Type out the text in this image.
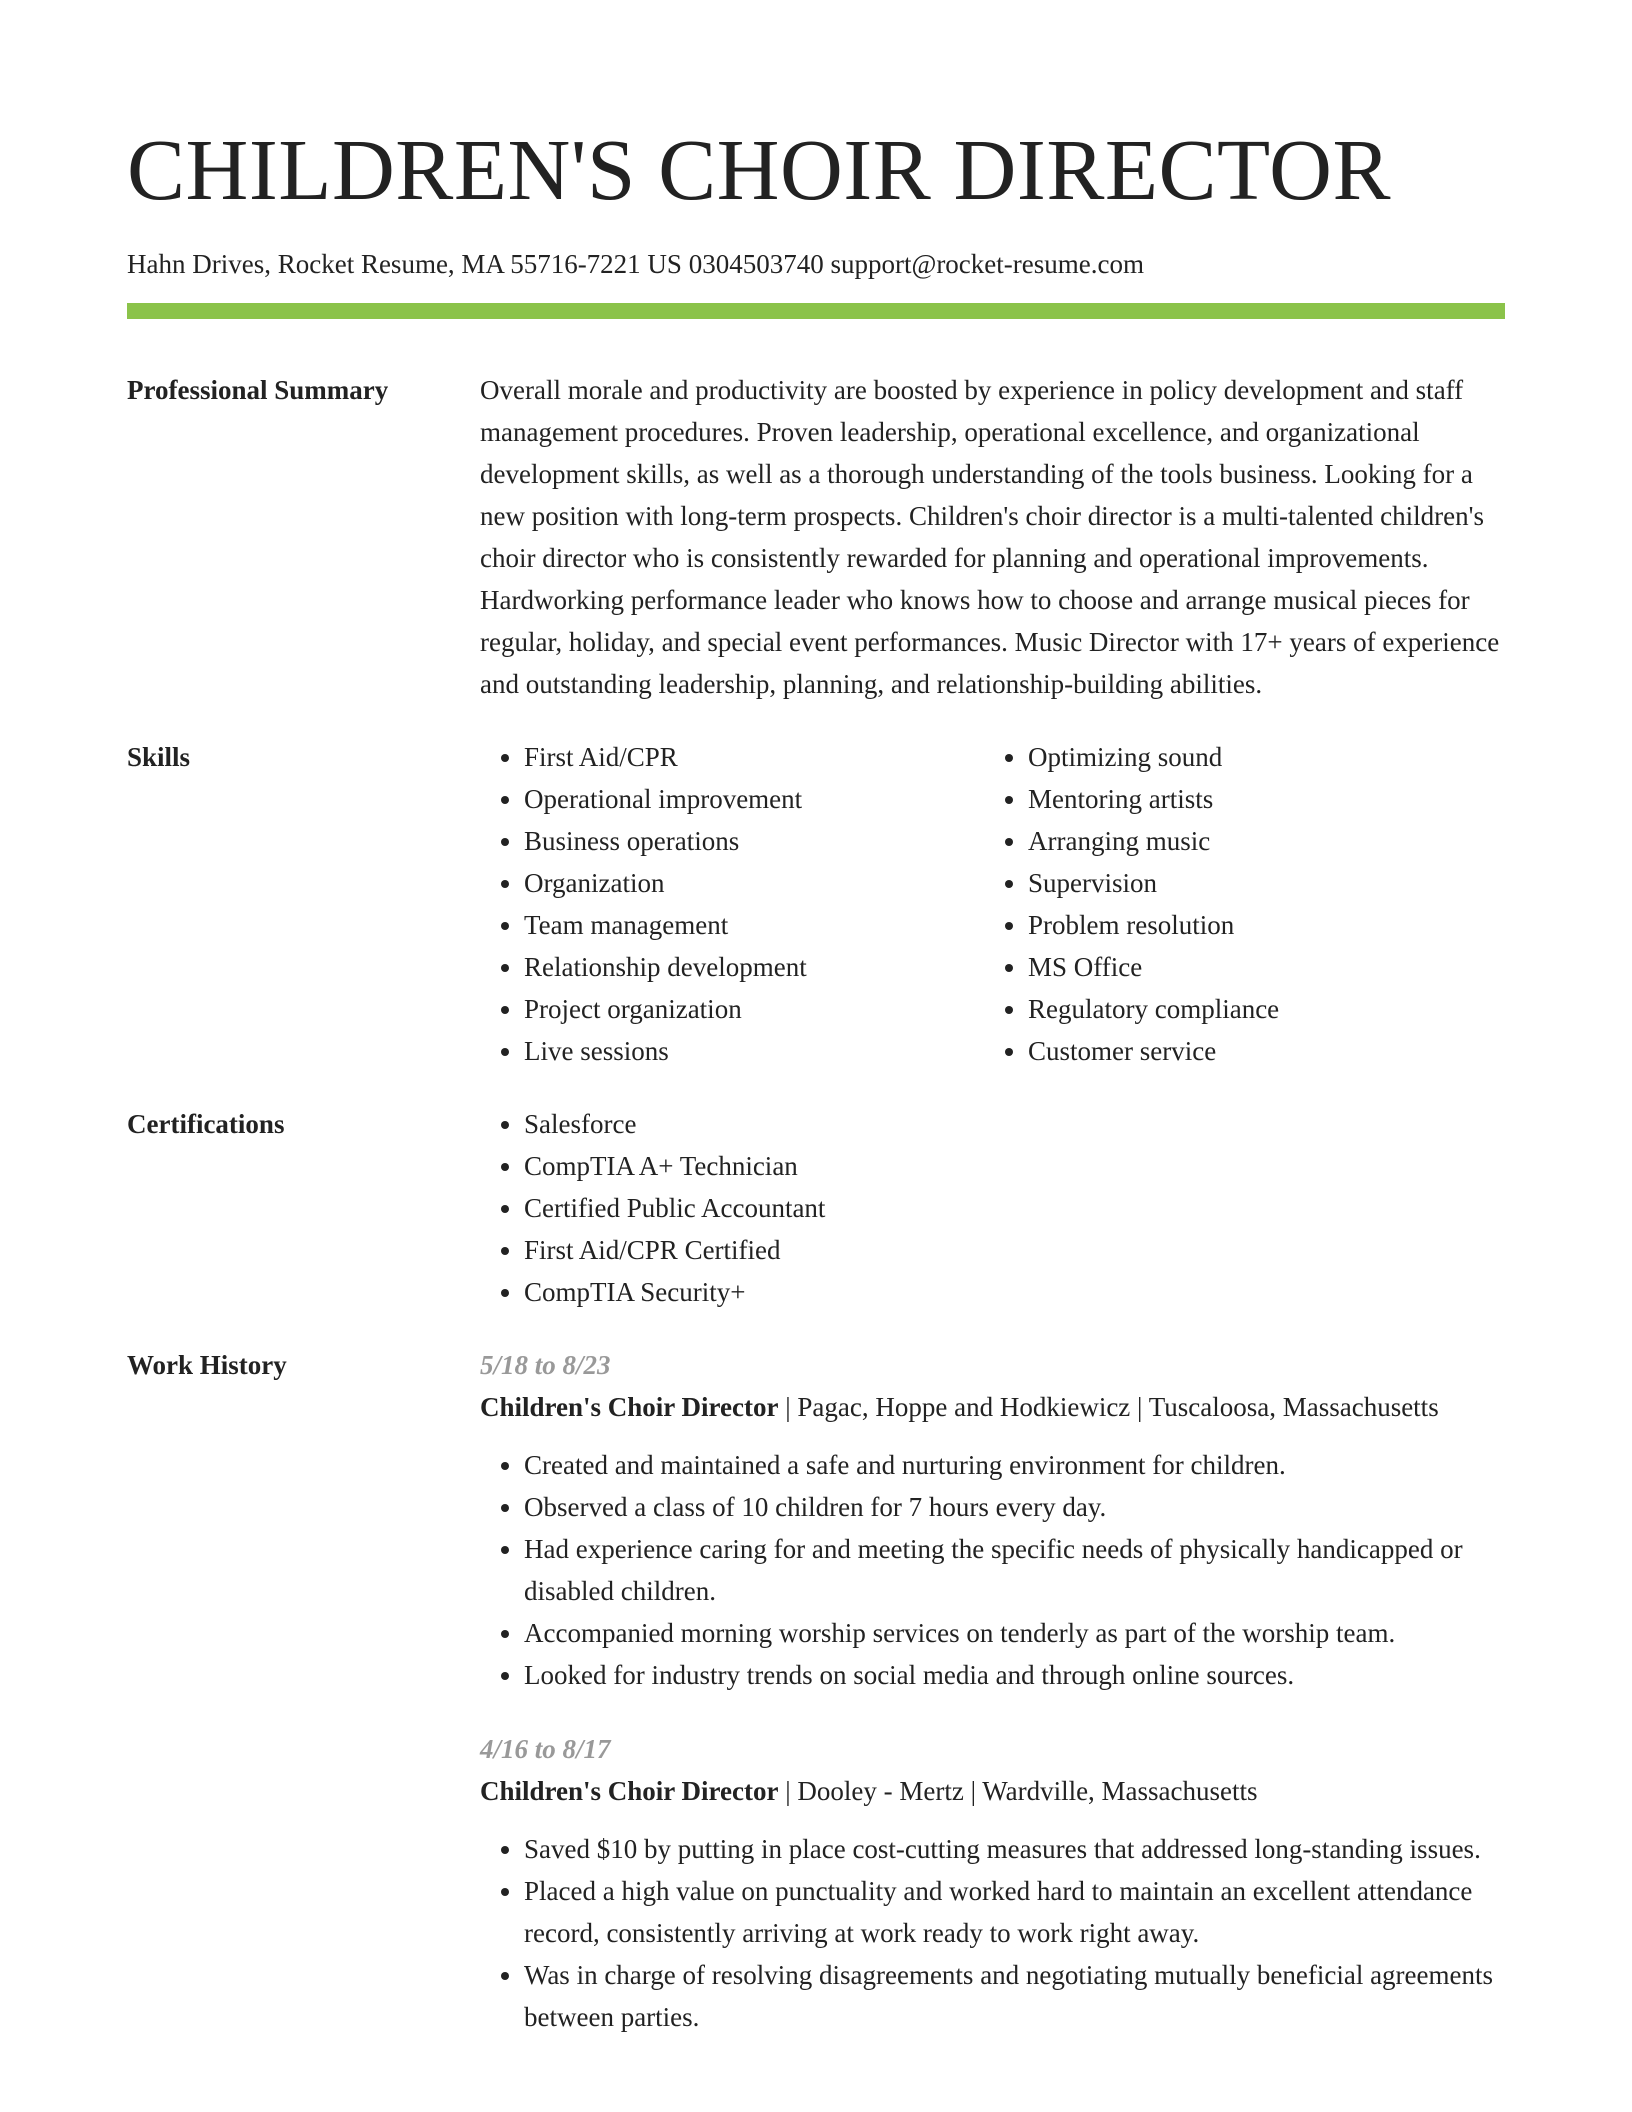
CHILDREN'S CHOIR DIRECTOR
Hahn Drives, Rocket Resume, MA 55716-7221 US 0304503740 support@rocket-resume.com
Professional Summary	Overall morale and productivity are boosted by experience in policy development and staff management procedures. Proven leadership, operational excellence, and organizational development skills, as well as a thorough understanding of the tools business. Looking for a new position with long-term prospects. Children's choir director is a multi-talented children's choir director who is consistently rewarded for planning and operational improvements. Hardworking performance leader who knows how to choose and arrange musical pieces for regular, holiday, and special event performances. Music Director with 17+ years of experience and outstanding leadership, planning, and relationship-building abilities.

Skills	• First Aid/CPR
• Operational improvement
• Business operations
• Organization
• Team management
• Relationship development
• Project organization
• Live sessions
• Optimizing sound
• Mentoring artists
• Arranging music
• Supervision
• Problem resolution
• MS Office
• Regulatory compliance
• Customer service
Certifications	• Salesforce
• CompTIA A+ Technician
• Certified Public Accountant
• First Aid/CPR Certified
• CompTIA Security+
Work History	5/18 to 8/23
Children's Choir Director | Pagac, Hoppe and Hodkiewicz | Tuscaloosa, Massachusetts
• Created and maintained a safe and nurturing environment for children.
• Observed a class of 10 children for 7 hours every day.
• Had experience caring for and meeting the specific needs of physically handicapped or disabled children.
• Accompanied morning worship services on tenderly as part of the worship team.
• Looked for industry trends on social media and through online sources.
4/16 to 8/17
Children's Choir Director | Dooley - Mertz | Wardville, Massachusetts
• Saved $10 by putting in place cost-cutting measures that addressed long-standing issues.
• Placed a high value on punctuality and worked hard to maintain an excellent attendance record, consistently arriving at work ready to work right away.
• Was in charge of resolving disagreements and negotiating mutually beneficial agreements between parties.
